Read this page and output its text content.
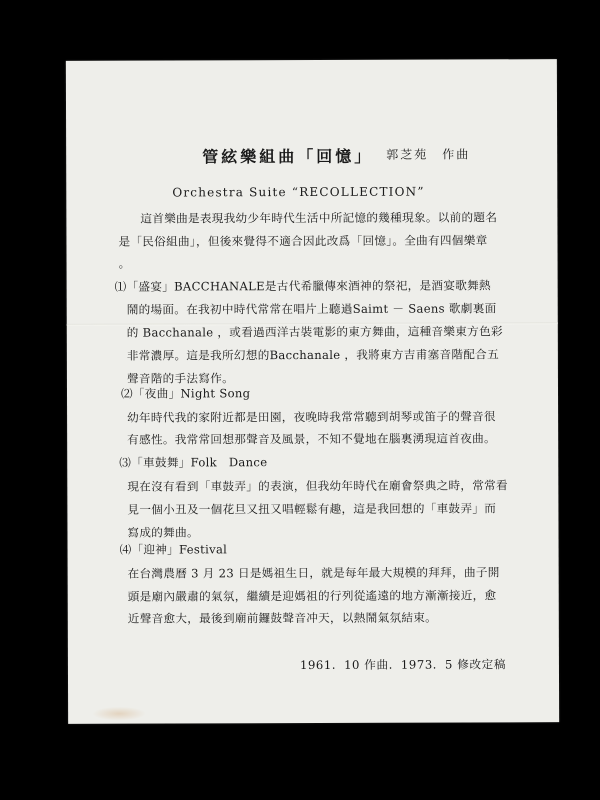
管絃樂組曲「回憶」 郭芝苑　作曲
Orchestra Suite “RECOLLECTION”
這首樂曲是表現我幼少年時代生活中所記憶的幾種現象。以前的題名
是「民俗組曲」，但後來覺得不適合因此改爲「回憶」。全曲有四個樂章
。
⑴「盛宴」BACCHANALE是古代希臘傳來酒神的祭祀，是酒宴歌舞熱
鬧的場面。在我初中時代常常在唱片上聽過Saimt － Saens 歌劇裏面
的 Bacchanale ，或看過西洋古裝電影的東方舞曲，這種音樂東方色彩
非常濃厚。這是我所幻想的Bacchanale ，我將東方吉甫塞音階配合五
聲音階的手法寫作。
⑵「夜曲」Night Song
幼年時代我的家附近都是田園，夜晚時我常常聽到胡琴或笛子的聲音很
有感性。我常常回想那聲音及風景，不知不覺地在腦裏湧現這首夜曲。
⑶「車鼓舞」Folk　Dance
現在沒有看到「車鼓弄」的表演，但我幼年時代在廟會祭典之時，常常看
見一個小丑及一個花旦又扭又唱輕鬆有趣，這是我回想的「車鼓弄」而
寫成的舞曲。
⑷「迎神」Festival
在台灣農曆 3 月 23 日是媽祖生日，就是每年最大規模的拜拜，曲子開
頭是廟內嚴肅的氣氛，繼續是迎媽祖的行列從遙遠的地方漸漸接近，愈
近聲音愈大，最後到廟前鑼鼓聲音冲天，以熱鬧氣氛結束。
1961．10 作曲．1973．5 修改定稿
